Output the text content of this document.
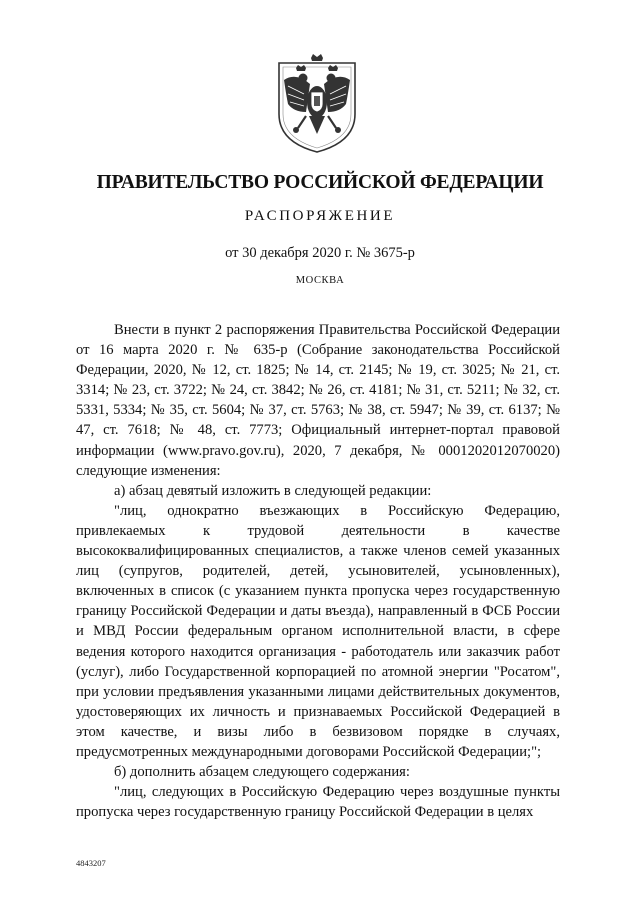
ПРАВИТЕЛЬСТВО РОССИЙСКОЙ ФЕДЕРАЦИИ
РАСПОРЯЖЕНИЕ
от 30 декабря 2020 г. № 3675-р
МОСКВА

Внести в пункт 2 распоряжения Правительства Российской Федерации от 16 марта 2020 г. № 635-р (Собрание законодательства Российской Федерации, 2020, № 12, ст. 1825; № 14, ст. 2145; № 19, ст. 3025; № 21, ст. 3314; № 23, ст. 3722; № 24, ст. 3842; № 26, ст. 4181; № 31, ст. 5211; № 32, ст. 5331, 5334; № 35, ст. 5604; № 37, ст. 5763; № 38, ст. 5947; № 39, ст. 6137; № 47, ст. 7618; № 48, ст. 7773; Официальный интернет-портал правовой информации (www.pravo.gov.ru), 2020, 7 декабря, № 0001202012070020) следующие изменения:

а) абзац девятый изложить в следующей редакции:

"лиц, однократно въезжающих в Российскую Федерацию, привлекаемых к трудовой деятельности в качестве высококвалифицированных специалистов, а также членов семей указанных лиц (супругов, родителей, детей, усыновителей, усыновленных), включенных в список (с указанием пункта пропуска через государственную границу Российской Федерации и даты въезда), направленный в ФСБ России и МВД России федеральным органом исполнительной власти, в сфере ведения которого находится организация - работодатель или заказчик работ (услуг), либо Государственной корпорацией по атомной энергии "Росатом", при условии предъявления указанными лицами действительных документов, удостоверяющих их личность и признаваемых Российской Федерацией в этом качестве, и визы либо в безвизовом порядке в случаях, предусмотренных международными договорами Российской Федерации;";

б) дополнить абзацем следующего содержания:

"лиц, следующих в Российскую Федерацию через воздушные пункты пропуска через государственную границу Российской Федерации в целях

4843207
